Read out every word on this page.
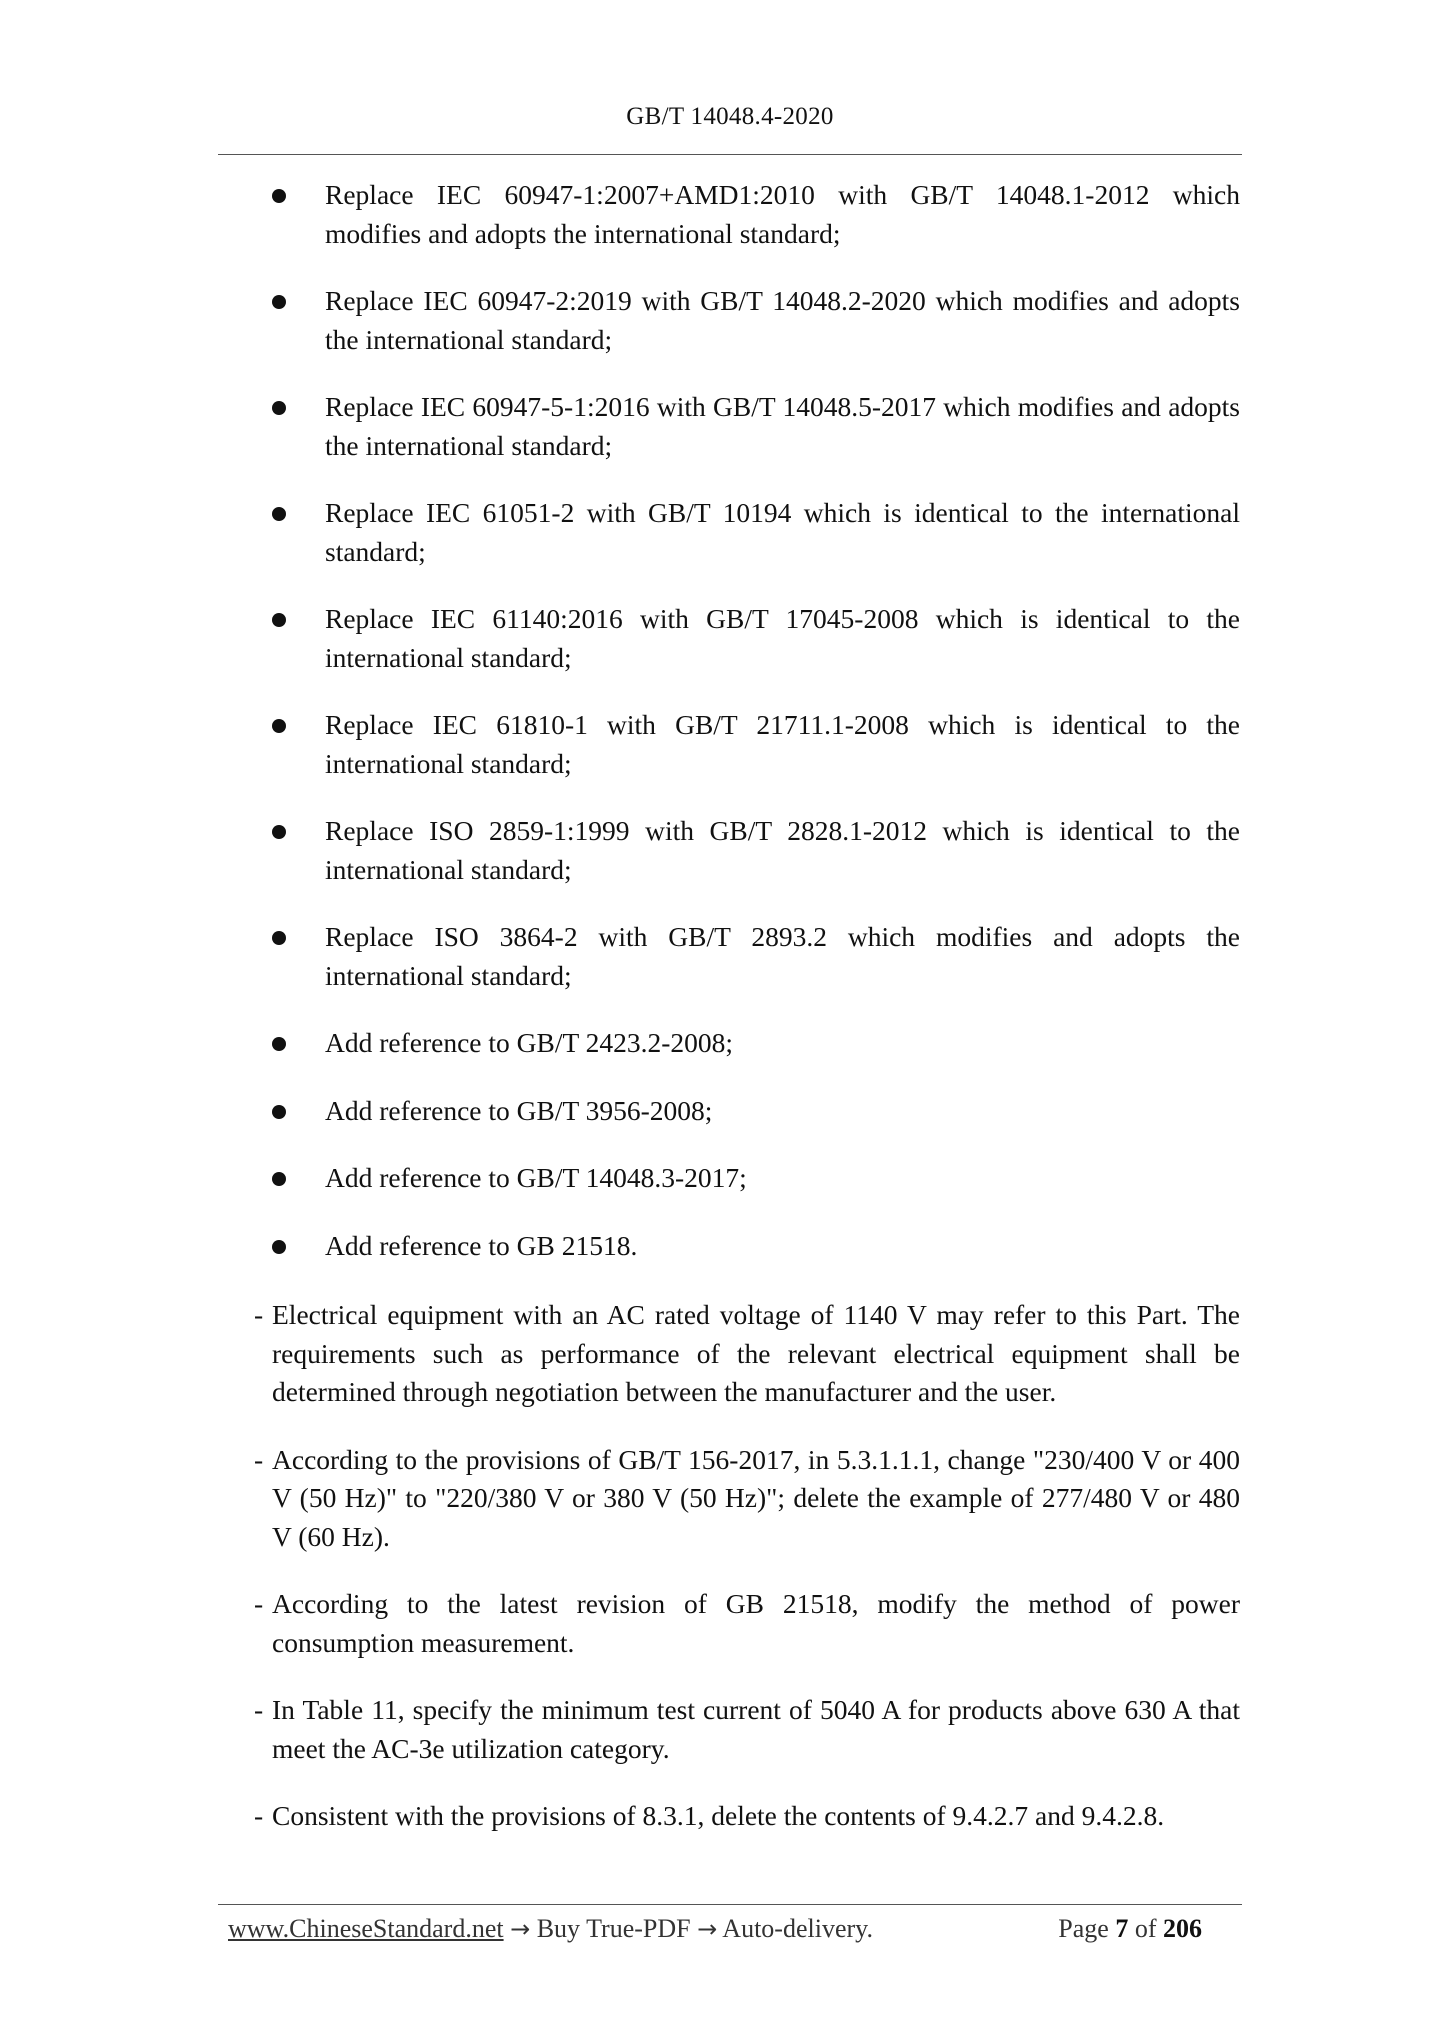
GB/T 14048.4-2020
Replace IEC 60947-1:2007+AMD1:2010 with GB/T 14048.1-2012 which modifies and adopts the international standard;
Replace IEC 60947-2:2019 with GB/T 14048.2-2020 which modifies and adopts the international standard;
Replace IEC 60947-5-1:2016 with GB/T 14048.5-2017 which modifies and adopts the international standard;
Replace IEC 61051-2 with GB/T 10194 which is identical to the international standard;
Replace IEC 61140:2016 with GB/T 17045-2008 which is identical to the international standard;
Replace IEC 61810-1 with GB/T 21711.1-2008 which is identical to the international standard;
Replace ISO 2859-1:1999 with GB/T 2828.1-2012 which is identical to the international standard;
Replace ISO 3864-2 with GB/T 2893.2 which modifies and adopts the international standard;
Add reference to GB/T 2423.2-2008;
Add reference to GB/T 3956-2008;
Add reference to GB/T 14048.3-2017;
Add reference to GB 21518.
- Electrical equipment with an AC rated voltage of 1140 V may refer to this Part. The requirements such as performance of the relevant electrical equipment shall be determined through negotiation between the manufacturer and the user.
- According to the provisions of GB/T 156-2017, in 5.3.1.1.1, change "230/400 V or 400 V (50 Hz)" to "220/380 V or 380 V (50 Hz)"; delete the example of 277/480 V or 480 V (60 Hz).
- According to the latest revision of GB 21518, modify the method of power consumption measurement.
- In Table 11, specify the minimum test current of 5040 A for products above 630 A that meet the AC-3e utilization category.
- Consistent with the provisions of 8.3.1, delete the contents of 9.4.2.7 and 9.4.2.8.
www.ChineseStandard.net → Buy True-PDF → Auto-delivery.	Page 7 of 206
